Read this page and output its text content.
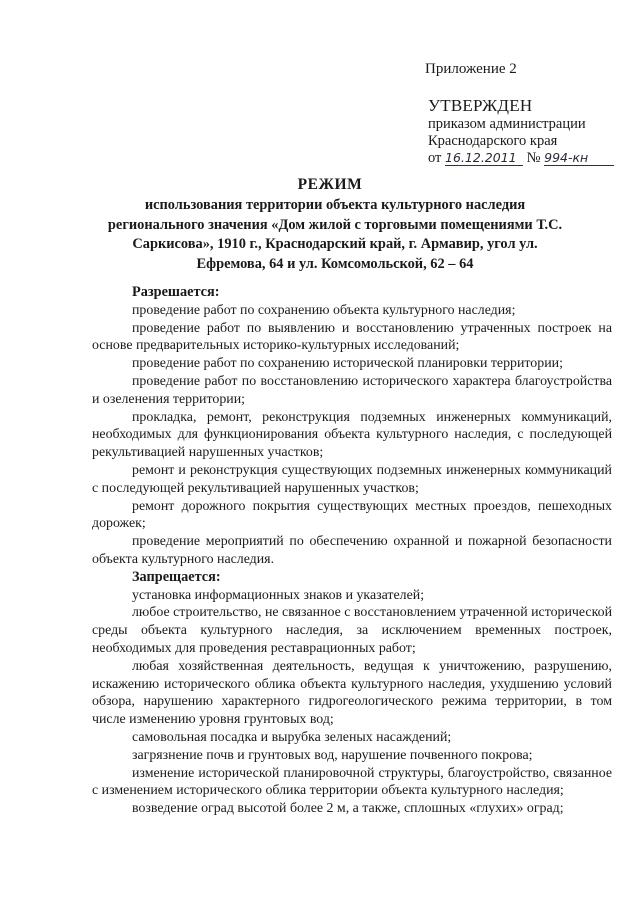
Приложение 2
УТВЕРЖДЕН
приказом администрации
Краснодарского края
от 16.12.2011 № 994-кн
РЕЖИМ
использования территории объекта культурного наследия регионального значения «Дом жилой с торговыми помещениями Т.С. Саркисова», 1910 г., Краснодарский край, г. Армавир, угол ул. Ефремова, 64 и ул. Комсомольской, 62 – 64

Разрешается:

проведение работ по сохранению объекта культурного наследия;

проведение работ по выявлению и восстановлению утраченных построек на основе предварительных историко-культурных исследований;

проведение работ по сохранению исторической планировки территории;

проведение работ по восстановлению исторического характера благоустройства и озеленения территории;

прокладка, ремонт, реконструкция подземных инженерных коммуникаций, необходимых для функционирования объекта культурного наследия, с последующей рекультивацией нарушенных участков;

ремонт и реконструкция существующих подземных инженерных коммуникаций с последующей рекультивацией нарушенных участков;

ремонт дорожного покрытия существующих местных проездов, пешеходных дорожек;

проведение мероприятий по обеспечению охранной и пожарной безопасности объекта культурного наследия.

Запрещается:

установка информационных знаков и указателей;

любое строительство, не связанное с восстановлением утраченной исторической среды объекта культурного наследия, за исключением временных построек, необходимых для проведения реставрационных работ;

любая хозяйственная деятельность, ведущая к уничтожению, разрушению, искажению исторического облика объекта культурного наследия, ухудшению условий обзора, нарушению характерного гидрогеологического режима территории, в том числе изменению уровня грунтовых вод;

самовольная посадка и вырубка зеленых насаждений;

загрязнение почв и грунтовых вод, нарушение почвенного покрова;

изменение исторической планировочной структуры, благоустройство, связанное с изменением исторического облика территории объекта культурного наследия;

возведение оград высотой более 2 м, а также, сплошных «глухих» оград;
